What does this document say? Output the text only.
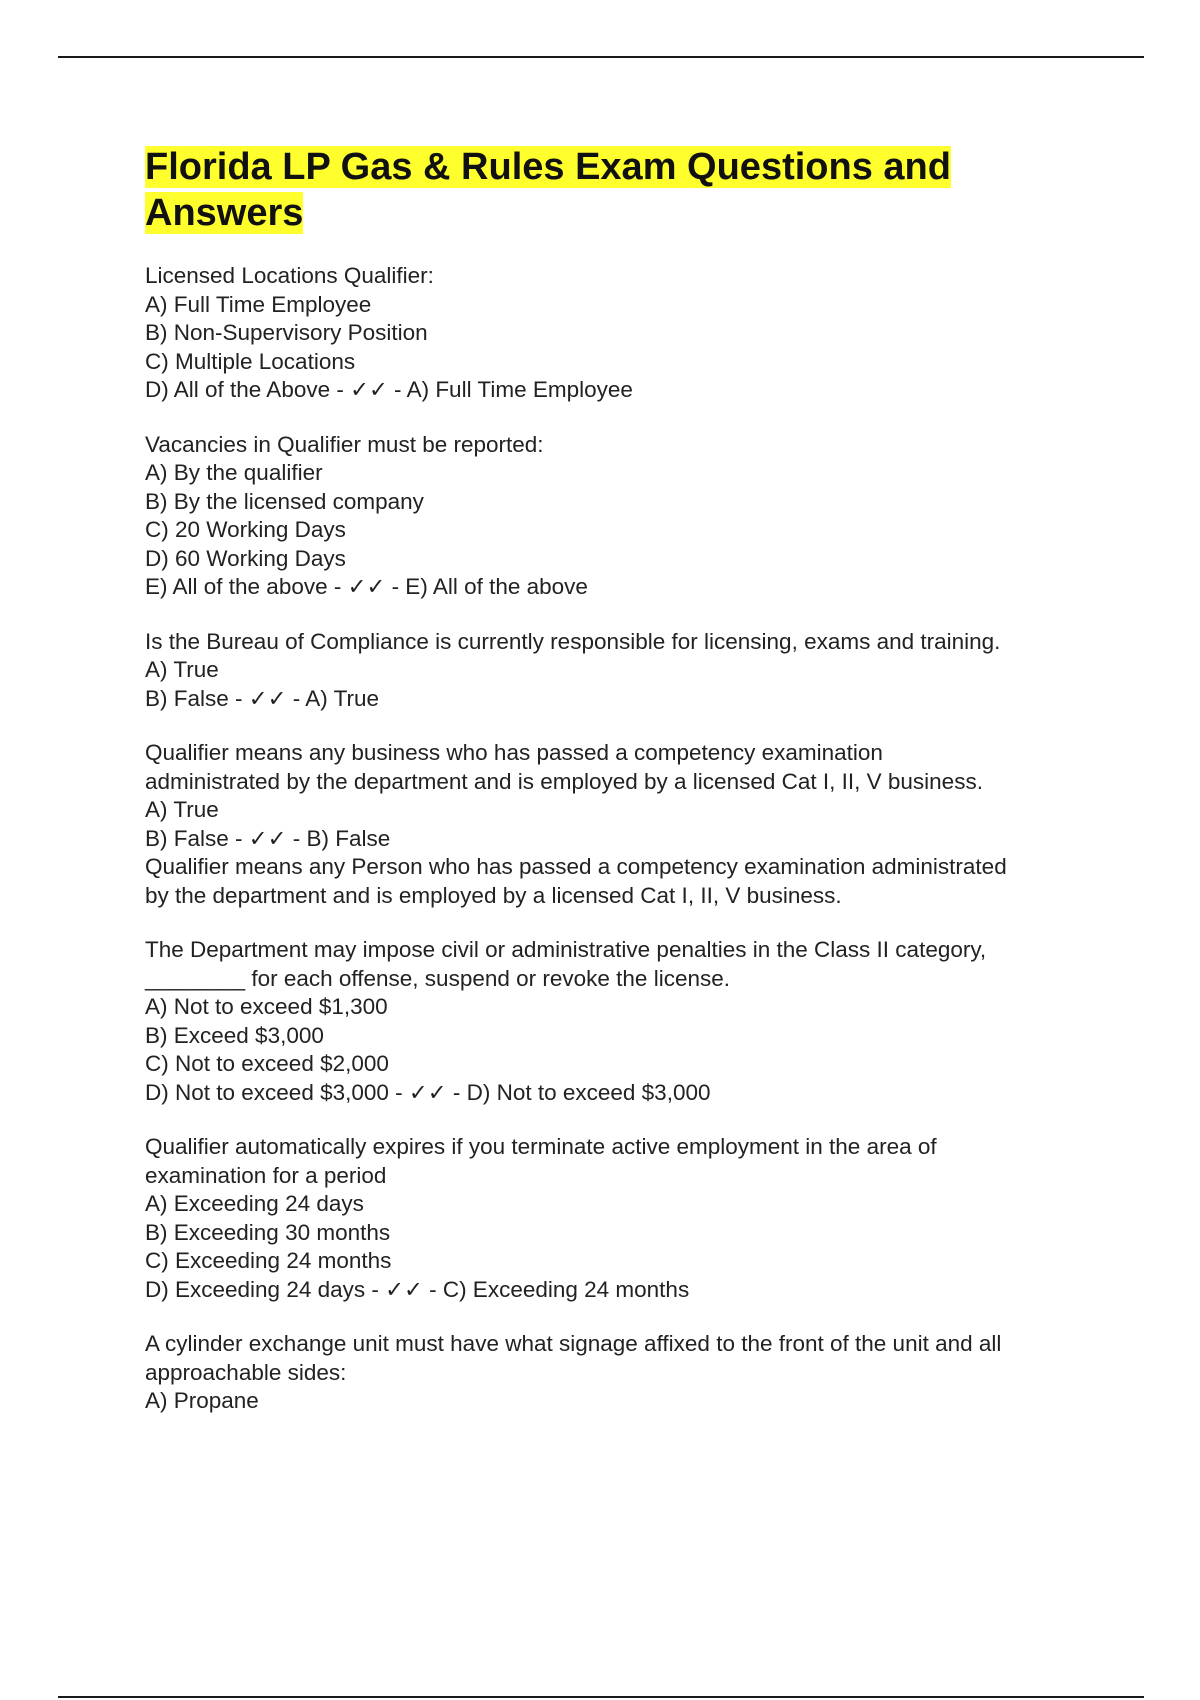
Florida LP Gas & Rules Exam Questions and Answers
Licensed Locations Qualifier:
A) Full Time Employee
B) Non-Supervisory Position
C) Multiple Locations
D) All of the Above - ✓✓ - A) Full Time Employee
Vacancies in Qualifier must be reported:
A) By the qualifier
B) By the licensed company
C) 20 Working Days
D) 60 Working Days
E) All of the above - ✓✓ - E) All of the above
Is the Bureau of Compliance is currently responsible for licensing, exams and training.
A) True
B) False - ✓✓ - A) True
Qualifier means any business who has passed a competency examination
administrated by the department and is employed by a licensed Cat I, II, V business.
A) True
B) False - ✓✓ - B) False
Qualifier means any Person who has passed a competency examination administrated
by the department and is employed by a licensed Cat I, II, V business.
The Department may impose civil or administrative penalties in the Class II category,
________ for each offense, suspend or revoke the license.
A) Not to exceed $1,300
B) Exceed $3,000
C) Not to exceed $2,000
D) Not to exceed $3,000 - ✓✓ - D) Not to exceed $3,000
Qualifier automatically expires if you terminate active employment in the area of
examination for a period
A) Exceeding 24 days
B) Exceeding 30 months
C) Exceeding 24 months
D) Exceeding 24 days - ✓✓ - C) Exceeding 24 months
A cylinder exchange unit must have what signage affixed to the front of the unit and all
approachable sides:
A) Propane
